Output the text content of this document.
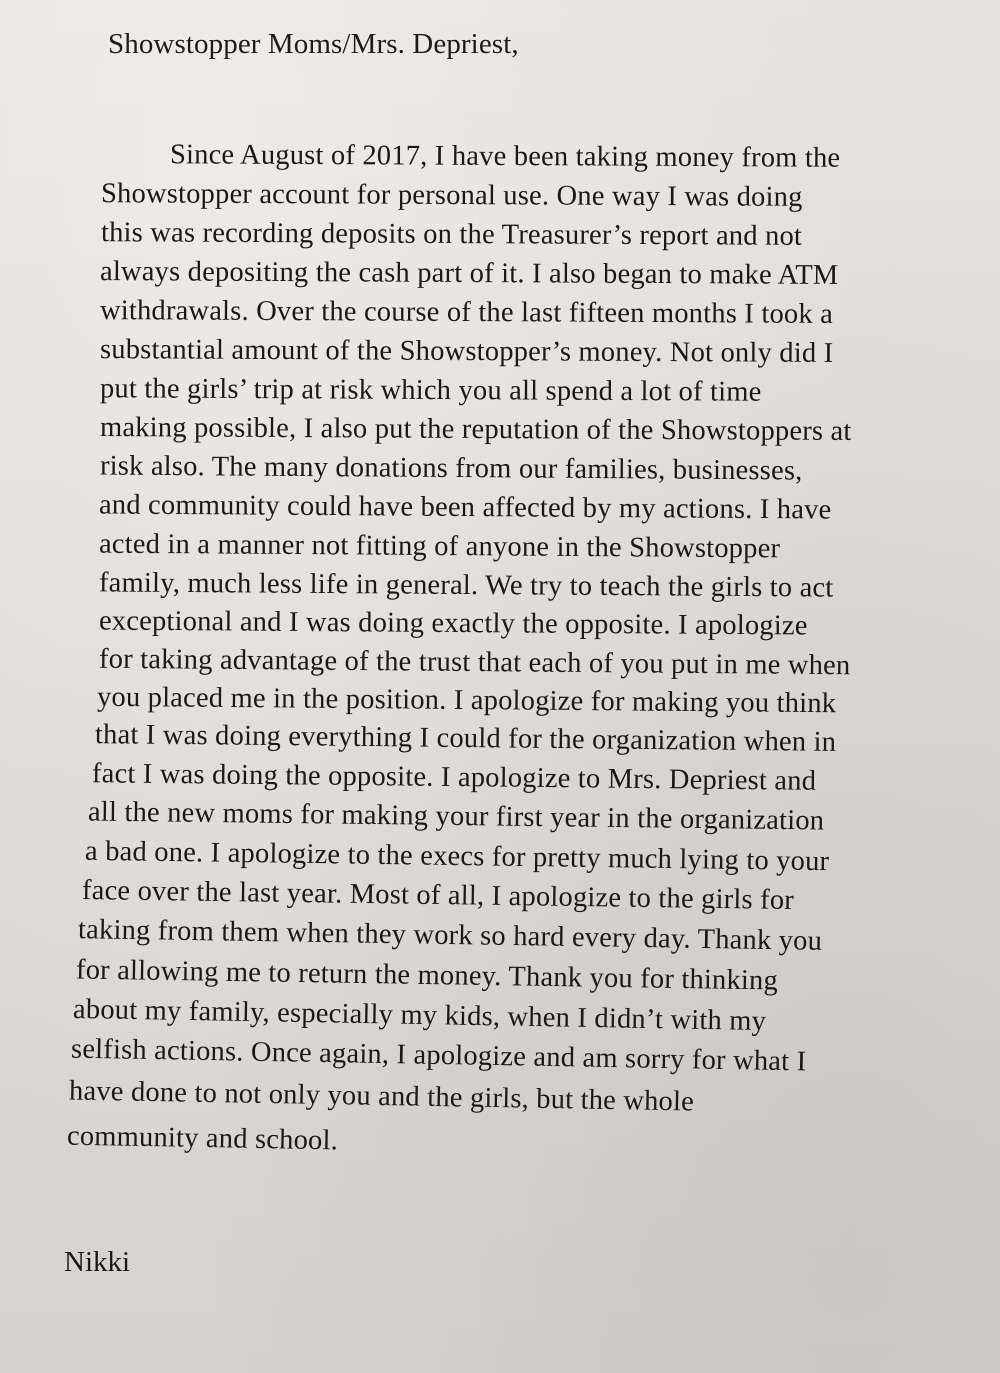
Showstopper Moms/Mrs. Depriest,

Since August of 2017, I have been taking money from the
Showstopper account for personal use. One way I was doing
this was recording deposits on the Treasurer’s report and not
always depositing the cash part of it. I also began to make ATM
withdrawals. Over the course of the last fifteen months I took a
substantial amount of the Showstopper’s money. Not only did I
put the girls’ trip at risk which you all spend a lot of time
making possible, I also put the reputation of the Showstoppers at
risk also. The many donations from our families, businesses,
and community could have been affected by my actions. I have
acted in a manner not fitting of anyone in the Showstopper
family, much less life in general. We try to teach the girls to act
exceptional and I was doing exactly the opposite. I apologize
for taking advantage of the trust that each of you put in me when
you placed me in the position. I apologize for making you think
that I was doing everything I could for the organization when in
fact I was doing the opposite. I apologize to Mrs. Depriest and
all the new moms for making your first year in the organization
a bad one. I apologize to the execs for pretty much lying to your
face over the last year. Most of all, I apologize to the girls for
taking from them when they work so hard every day. Thank you
for allowing me to return the money. Thank you for thinking
about my family, especially my kids, when I didn’t with my
selfish actions. Once again, I apologize and am sorry for what I
have done to not only you and the girls, but the whole
community and school.

Nikki
